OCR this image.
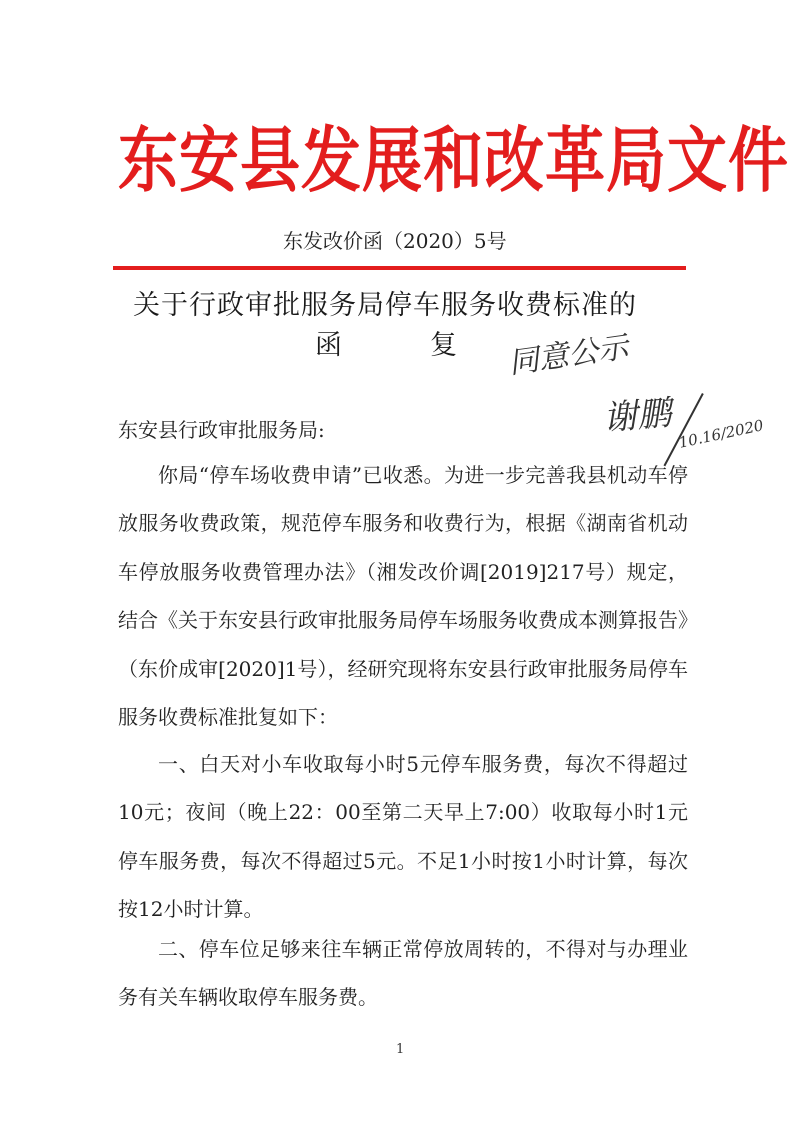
东安县发展和改革局文件
东发改价函（2020）5号
关于行政审批服务局停车服务收费标准的
函	复 同意公示
谢鹏 10.16/2020
东安县行政审批服务局:

你局“停车场收费申请”已收悉。为进一步完善我县机动车停放服务收费政策，规范停车服务和收费行为，根据《湖南省机动车停放服务收费管理办法》（湘发改价调[2019]217号）规定，结合《关于东安县行政审批服务局停车场服务收费成本测算报告》（东价成审[2020]1号），经研究现将东安县行政审批服务局停车服务收费标准批复如下：

一、白天对小车收取每小时5元停车服务费，每次不得超过10元；夜间（晚上22：00至第二天早上7:00）收取每小时1元停车服务费，每次不得超过5元。不足1小时按1小时计算，每次按12小时计算。

二、停车位足够来往车辆正常停放周转的，不得对与办理业务有关车辆收取停车服务费。

1
